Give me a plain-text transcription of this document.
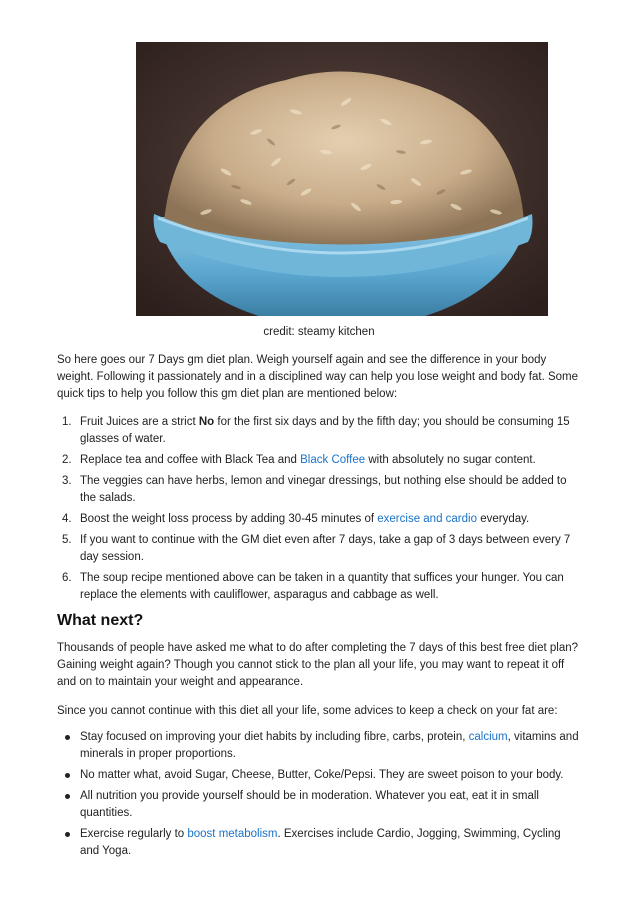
credit: steamy kitchen

So here goes our 7 Days gm diet plan. Weigh yourself again and see the difference in your body weight. Following it passionately and in a disciplined way can help you lose weight and body fat. Some quick tips to help you follow this gm diet plan are mentioned below:

1. Fruit Juices are a strict No for the first six days and by the fifth day; you should be consuming 15 glasses of water.
2. Replace tea and coffee with Black Tea and Black Coffee with absolutely no sugar content.
3. The veggies can have herbs, lemon and vinegar dressings, but nothing else should be added to the salads.
4. Boost the weight loss process by adding 30-45 minutes of exercise and cardio everyday.
5. If you want to continue with the GM diet even after 7 days, take a gap of 3 days between every 7 day session.
6. The soup recipe mentioned above can be taken in a quantity that suffices your hunger. You can replace the elements with cauliflower, asparagus and cabbage as well.
What next?

Thousands of people have asked me what to do after completing the 7 days of this best free diet plan? Gaining weight again? Though you cannot stick to the plan all your life, you may want to repeat it off and on to maintain your weight and appearance.

Since you cannot continue with this diet all your life, some advices to keep a check on your fat are:

Stay focused on improving your diet habits by including fibre, carbs, protein, calcium, vitamins and minerals in proper proportions.
No matter what, avoid Sugar, Cheese, Butter, Coke/Pepsi. They are sweet poison to your body.
All nutrition you provide yourself should be in moderation. Whatever you eat, eat it in small quantities.
Exercise regularly to boost metabolism. Exercises include Cardio, Jogging, Swimming, Cycling and Yoga.
